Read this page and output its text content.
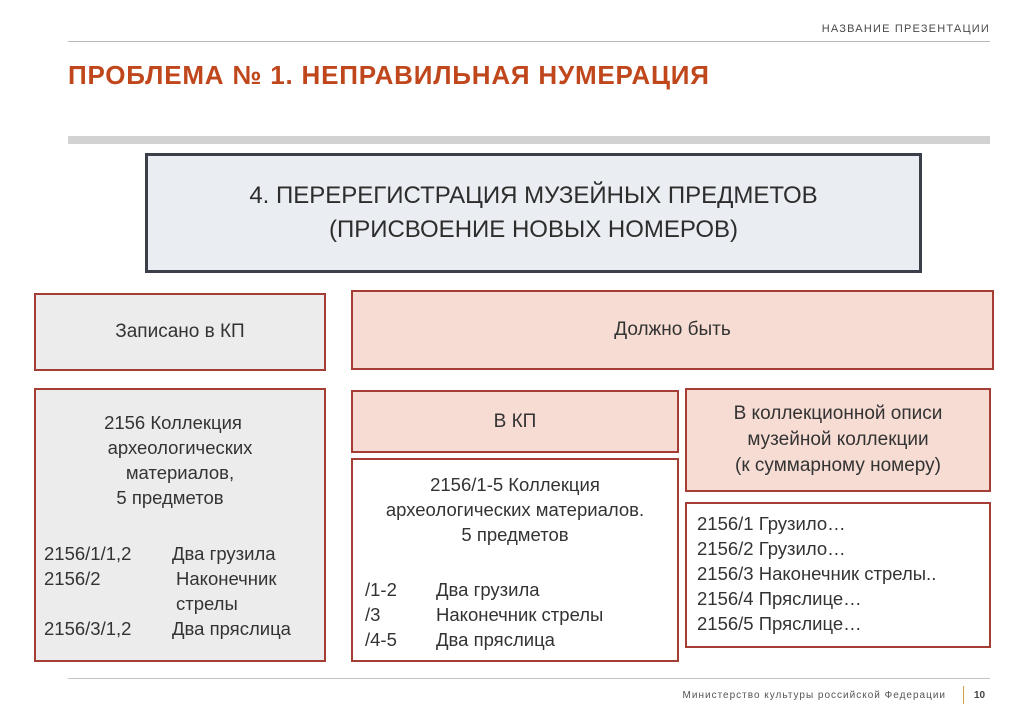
НАЗВАНИЕ ПРЕЗЕНТАЦИИ
ПРОБЛЕМА № 1. НЕПРАВИЛЬНАЯ НУМЕРАЦИЯ
4. ПЕРЕРЕГИСТРАЦИЯ МУЗЕЙНЫХ ПРЕДМЕТОВ
(ПРИСВОЕНИЕ НОВЫХ НОМЕРОВ)
Записано в КП	Должно быть
2156 Коллекция
археологических
материалов,
5 предметов
2156/1/1,2	Два грузила
2156/2	Наконечник
стрелы
2156/3/1,2	Два пряслица
В КП
2156/1-5 Коллекция
археологических материалов.
5 предметов
/1-2	Два грузила
/3	Наконечник стрелы
/4-5	Два пряслица
В коллекционной описи
музейной коллекции
(к суммарному номеру)
2156/1 Грузило…
2156/2 Грузило…
2156/3 Наконечник стрелы..
2156/4 Пряслице…
2156/5 Пряслице…
Министерство культуры российской Федерации	10
